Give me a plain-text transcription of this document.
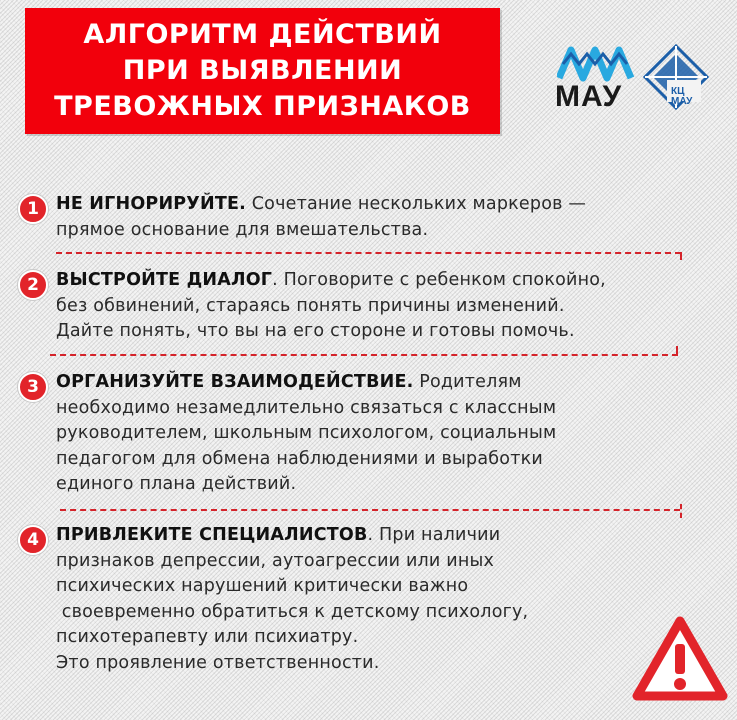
АЛГОРИТМ ДЕЙСТВИЙ
ПРИ ВЫЯВЛЕНИИ
ТРЕВОЖНЫХ ПРИЗНАКОВ	МАУ	КЦ
МАУ
1 НЕ ИГНОРИРУЙТЕ. Сочетание нескольких маркеров —
прямое основание для вмешательства.
2 ВЫСТРОЙТЕ ДИАЛОГ. Поговорите с ребенком спокойно,
без обвинений, стараясь понять причины изменений.
Дайте понять, что вы на его стороне и готовы помочь.
3 ОРГАНИЗУЙТЕ ВЗАИМОДЕЙСТВИЕ. Родителям
необходимо незамедлительно связаться с классным
руководителем, школьным психологом, социальным
педагогом для обмена наблюдениями и выработки
единого плана действий.
4 ПРИВЛЕКИТЕ СПЕЦИАЛИСТОВ. При наличии
признаков депрессии, аутоагрессии или иных
психических нарушений критически важно
своевременно обратиться к детскому психологу,
психотерапевту или психиатру.
Это проявление ответственности.
